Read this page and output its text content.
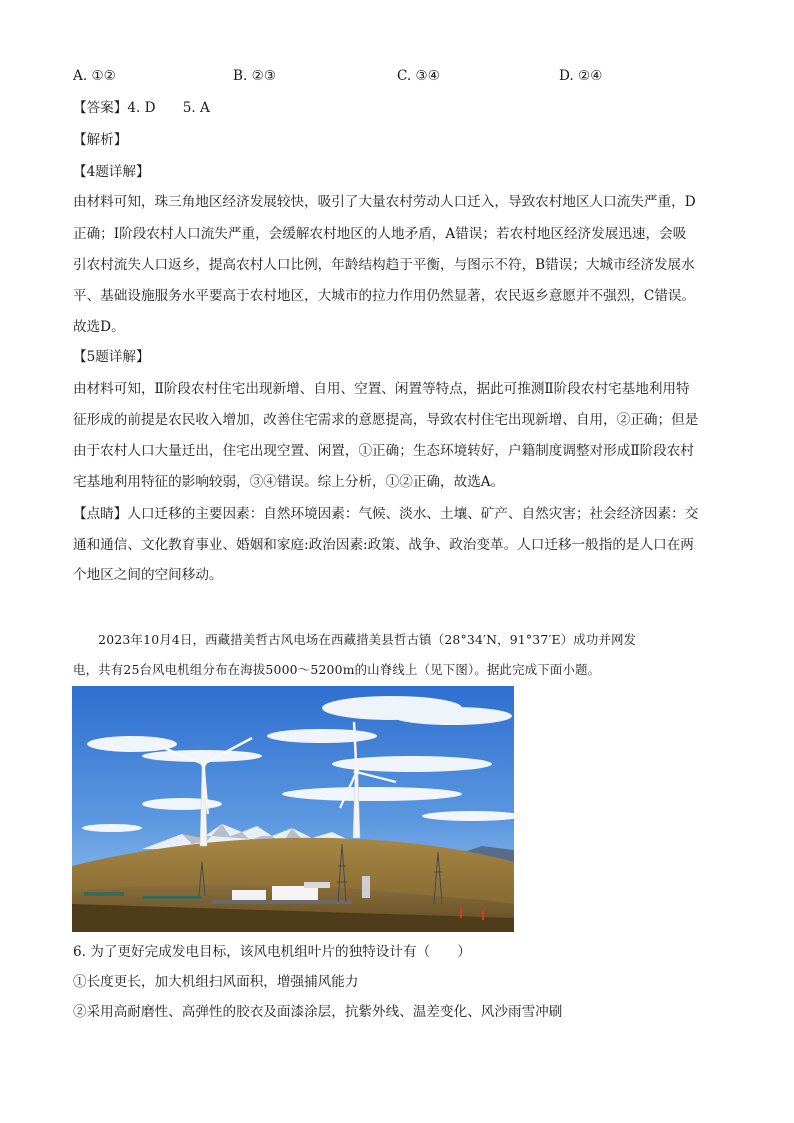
A. ①②	B. ②③	C. ③④	D. ②④
【答案】4. D　　5. A
【解析】
【4题详解】
由材料可知，珠三角地区经济发展较快，吸引了大量农村劳动人口迁入，导致农村地区人口流失严重，D
正确；Ⅰ阶段农村人口流失严重，会缓解农村地区的人地矛盾，A错误；若农村地区经济发展迅速，会吸
引农村流失人口返乡，提高农村人口比例，年龄结构趋于平衡，与图示不符，B错误；大城市经济发展水
平、基础设施服务水平要高于农村地区，大城市的拉力作用仍然显著，农民返乡意愿并不强烈，C错误。
故选D。
【5题详解】
由材料可知，Ⅱ阶段农村住宅出现新增、自用、空置、闲置等特点，据此可推测Ⅱ阶段农村宅基地利用特
征形成的前提是农民收入增加，改善住宅需求的意愿提高，导致农村住宅出现新增、自用，②正确；但是
由于农村人口大量迁出，住宅出现空置、闲置，①正确；生态环境转好，户籍制度调整对形成Ⅱ阶段农村
宅基地利用特征的影响较弱，③④错误。综上分析，①②正确，故选A。
【点睛】人口迁移的主要因素：自然环境因素：气候、淡水、土壤、矿产、自然灾害；社会经济因素：交
通和通信、文化教育事业、婚姻和家庭:政治因素:政策、战争、政治变革。人口迁移一般指的是人口在两
个地区之间的空间移动。
　　2023年10月4日，西藏措美哲古风电场在西藏措美县哲古镇（28°34′N，91°37′E）成功并网发
电，共有25台风电机组分布在海拔5000～5200m的山脊线上（见下图）。据此完成下面小题。
6. 为了更好完成发电目标，该风电机组叶片的独特设计有（　　）
①长度更长，加大机组扫风面积，增强捕风能力
②采用高耐磨性、高弹性的胶衣及面漆涂层，抗紫外线、温差变化、风沙雨雪冲刷
